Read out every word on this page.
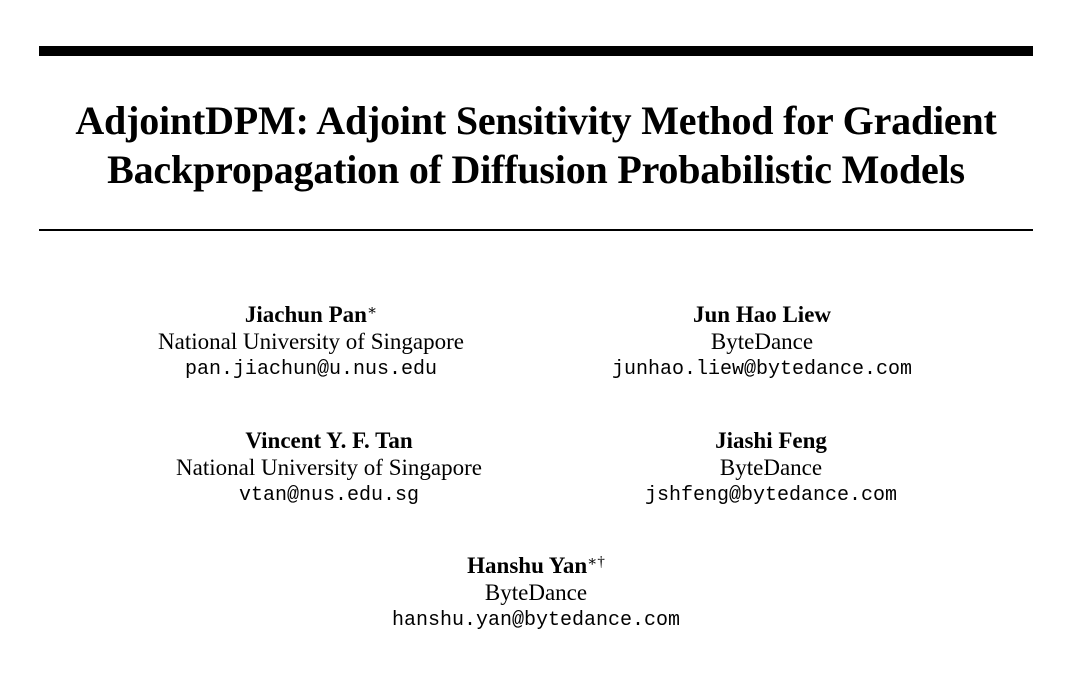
AdjointDPM: Adjoint Sensitivity Method for Gradient
Backpropagation of Diffusion Probabilistic Models
Jiachun Pan∗
National University of Singapore
pan.jiachun@u.nus.edu
Jun Hao Liew
ByteDance
junhao.liew@bytedance.com
Vincent Y. F. Tan
National University of Singapore
vtan@nus.edu.sg
Jiashi Feng
ByteDance
jshfeng@bytedance.com
Hanshu Yan∗†
ByteDance
hanshu.yan@bytedance.com
